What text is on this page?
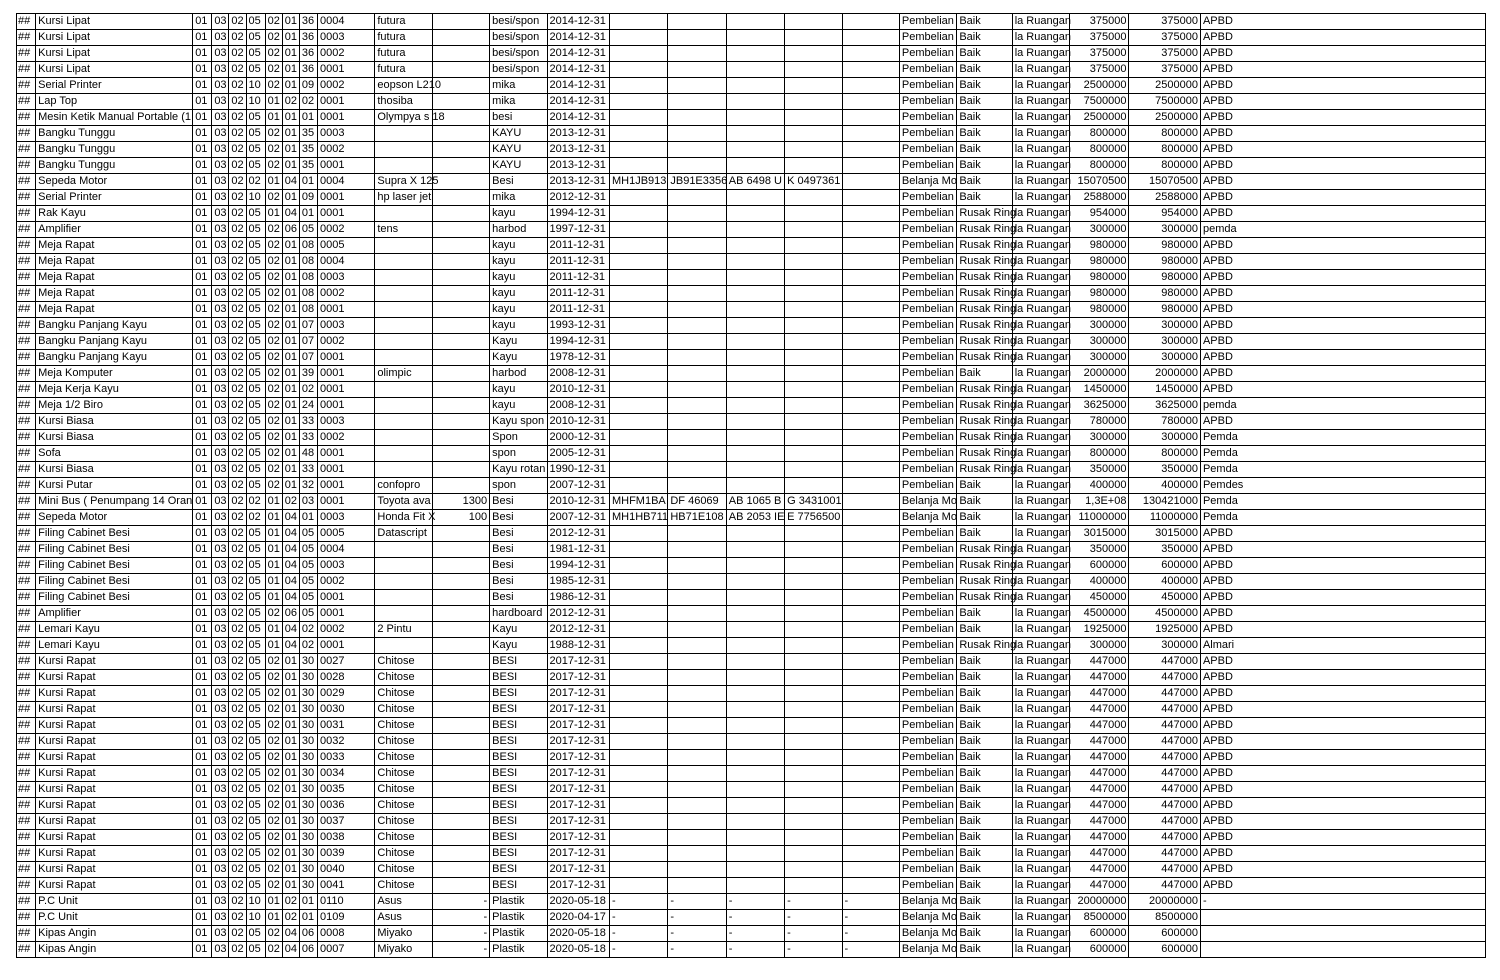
##	Kursi Lipat	01	03	02	05	02	01	36	0004	futura		besi/spon	2014-12-31						Pembelian	Baik	la Ruangan	375000	375000	APBD
##	Kursi Lipat	01	03	02	05	02	01	36	0003	futura		besi/spon	2014-12-31						Pembelian	Baik	la Ruangan	375000	375000	APBD
##	Kursi Lipat	01	03	02	05	02	01	36	0002	futura		besi/spon	2014-12-31						Pembelian	Baik	la Ruangan	375000	375000	APBD
##	Kursi Lipat	01	03	02	05	02	01	36	0001	futura		besi/spon	2014-12-31						Pembelian	Baik	la Ruangan	375000	375000	APBD
##	Serial Printer	01	03	02	10	02	01	09	0002	eopson L210		mika	2014-12-31						Pembelian	Baik	la Ruangan	2500000	2500000	APBD
##	Lap Top	01	03	02	10	01	02	02	0001	thosiba		mika	2014-12-31						Pembelian	Baik	la Ruangan	7500000	7500000	APBD
##	Mesin Ketik Manual Portable (1	01	03	02	05	01	01	01	0001	Olympya s 18		besi	2014-12-31						Pembelian	Baik	la Ruangan	2500000	2500000	APBD
##	Bangku Tunggu	01	03	02	05	02	01	35	0003			KAYU	2013-12-31						Pembelian	Baik	la Ruangan	800000	800000	APBD
##	Bangku Tunggu	01	03	02	05	02	01	35	0002			KAYU	2013-12-31						Pembelian	Baik	la Ruangan	800000	800000	APBD
##	Bangku Tunggu	01	03	02	05	02	01	35	0001			KAYU	2013-12-31						Pembelian	Baik	la Ruangan	800000	800000	APBD
##	Sepeda Motor	01	03	02	02	01	04	01	0004	Supra X 125		Besi	2013-12-31	MH1JB913	JB91E3356	AB 6498 U	K 0497361		Belanja Mo	Baik	la Ruangan	15070500	15070500	APBD
##	Serial Printer	01	03	02	10	02	01	09	0001	hp laser jet		mika	2012-12-31						Pembelian	Baik	la Ruangan	2588000	2588000	APBD
##	Rak Kayu	01	03	02	05	01	04	01	0001			kayu	1994-12-31						Pembelian	Rusak Ring	la Ruangan	954000	954000	APBD
##	Amplifier	01	03	02	05	02	06	05	0002	tens		harbod	1997-12-31						Pembelian	Rusak Ring	la Ruangan	300000	300000	pemda
##	Meja Rapat	01	03	02	05	02	01	08	0005			kayu	2011-12-31						Pembelian	Rusak Ring	la Ruangan	980000	980000	APBD
##	Meja Rapat	01	03	02	05	02	01	08	0004			kayu	2011-12-31						Pembelian	Rusak Ring	la Ruangan	980000	980000	APBD
##	Meja Rapat	01	03	02	05	02	01	08	0003			kayu	2011-12-31						Pembelian	Rusak Ring	la Ruangan	980000	980000	APBD
##	Meja Rapat	01	03	02	05	02	01	08	0002			kayu	2011-12-31						Pembelian	Rusak Ring	la Ruangan	980000	980000	APBD
##	Meja Rapat	01	03	02	05	02	01	08	0001			kayu	2011-12-31						Pembelian	Rusak Ring	la Ruangan	980000	980000	APBD
##	Bangku Panjang Kayu	01	03	02	05	02	01	07	0003			kayu	1993-12-31						Pembelian	Rusak Ring	la Ruangan	300000	300000	APBD
##	Bangku Panjang Kayu	01	03	02	05	02	01	07	0002			Kayu	1994-12-31						Pembelian	Rusak Ring	la Ruangan	300000	300000	APBD
##	Bangku Panjang Kayu	01	03	02	05	02	01	07	0001			Kayu	1978-12-31						Pembelian	Rusak Ring	la Ruangan	300000	300000	APBD
##	Meja Komputer	01	03	02	05	02	01	39	0001	olimpic		harbod	2008-12-31						Pembelian	Baik	la Ruangan	2000000	2000000	APBD
##	Meja Kerja Kayu	01	03	02	05	02	01	02	0001			kayu	2010-12-31						Pembelian	Rusak Ring	la Ruangan	1450000	1450000	APBD
##	Meja 1/2 Biro	01	03	02	05	02	01	24	0001			kayu	2008-12-31						Pembelian	Rusak Ring	la Ruangan	3625000	3625000	pemda
##	Kursi Biasa	01	03	02	05	02	01	33	0003			Kayu spon	2010-12-31						Pembelian	Rusak Ring	la Ruangan	780000	780000	APBD
##	Kursi Biasa	01	03	02	05	02	01	33	0002			Spon	2000-12-31						Pembelian	Rusak Ring	la Ruangan	300000	300000	Pemda
##	Sofa	01	03	02	05	02	01	48	0001			spon	2005-12-31						Pembelian	Rusak Ring	la Ruangan	800000	800000	Pemda
##	Kursi Biasa	01	03	02	05	02	01	33	0001			Kayu rotan	1990-12-31						Pembelian	Rusak Ring	la Ruangan	350000	350000	Pemda
##	Kursi Putar	01	03	02	05	02	01	32	0001	confopro		spon	2007-12-31						Pembelian	Baik	la Ruangan	400000	400000	Pemdes
##	Mini Bus ( Penumpang 14 Oran	01	03	02	02	01	02	03	0001	Toyota ava	1300	Besi	2010-12-31	MHFM1BA	DF 46069	AB 1065 B	G 3431001		Belanja Mo	Baik	la Ruangan	1,3E+08	130421000	Pemda
##	Sepeda Motor	01	03	02	02	01	04	01	0003	Honda Fit X	100	Besi	2007-12-31	MH1HB711	HB71E108	AB 2053 IE	E 7756500		Belanja Mo	Baik	la Ruangan	11000000	11000000	Pemda
##	Filing Cabinet Besi	01	03	02	05	01	04	05	0005	Datascript		Besi	2012-12-31						Pembelian	Baik	la Ruangan	3015000	3015000	APBD
##	Filing Cabinet Besi	01	03	02	05	01	04	05	0004			Besi	1981-12-31						Pembelian	Rusak Ring	la Ruangan	350000	350000	APBD
##	Filing Cabinet Besi	01	03	02	05	01	04	05	0003			Besi	1994-12-31						Pembelian	Rusak Ring	la Ruangan	600000	600000	APBD
##	Filing Cabinet Besi	01	03	02	05	01	04	05	0002			Besi	1985-12-31						Pembelian	Rusak Ring	la Ruangan	400000	400000	APBD
##	Filing Cabinet Besi	01	03	02	05	01	04	05	0001			Besi	1986-12-31						Pembelian	Rusak Ring	la Ruangan	450000	450000	APBD
##	Amplifier	01	03	02	05	02	06	05	0001			hardboard	2012-12-31						Pembelian	Baik	la Ruangan	4500000	4500000	APBD
##	Lemari Kayu	01	03	02	05	01	04	02	0002	2 Pintu		Kayu	2012-12-31						Pembelian	Baik	la Ruangan	1925000	1925000	APBD
##	Lemari Kayu	01	03	02	05	01	04	02	0001			Kayu	1988-12-31						Pembelian	Rusak Ring	la Ruangan	300000	300000	Almari
##	Kursi Rapat	01	03	02	05	02	01	30	0027	Chitose		BESI	2017-12-31						Pembelian	Baik	la Ruangan	447000	447000	APBD
##	Kursi Rapat	01	03	02	05	02	01	30	0028	Chitose		BESI	2017-12-31						Pembelian	Baik	la Ruangan	447000	447000	APBD
##	Kursi Rapat	01	03	02	05	02	01	30	0029	Chitose		BESI	2017-12-31						Pembelian	Baik	la Ruangan	447000	447000	APBD
##	Kursi Rapat	01	03	02	05	02	01	30	0030	Chitose		BESI	2017-12-31						Pembelian	Baik	la Ruangan	447000	447000	APBD
##	Kursi Rapat	01	03	02	05	02	01	30	0031	Chitose		BESI	2017-12-31						Pembelian	Baik	la Ruangan	447000	447000	APBD
##	Kursi Rapat	01	03	02	05	02	01	30	0032	Chitose		BESI	2017-12-31						Pembelian	Baik	la Ruangan	447000	447000	APBD
##	Kursi Rapat	01	03	02	05	02	01	30	0033	Chitose		BESI	2017-12-31						Pembelian	Baik	la Ruangan	447000	447000	APBD
##	Kursi Rapat	01	03	02	05	02	01	30	0034	Chitose		BESI	2017-12-31						Pembelian	Baik	la Ruangan	447000	447000	APBD
##	Kursi Rapat	01	03	02	05	02	01	30	0035	Chitose		BESI	2017-12-31						Pembelian	Baik	la Ruangan	447000	447000	APBD
##	Kursi Rapat	01	03	02	05	02	01	30	0036	Chitose		BESI	2017-12-31						Pembelian	Baik	la Ruangan	447000	447000	APBD
##	Kursi Rapat	01	03	02	05	02	01	30	0037	Chitose		BESI	2017-12-31						Pembelian	Baik	la Ruangan	447000	447000	APBD
##	Kursi Rapat	01	03	02	05	02	01	30	0038	Chitose		BESI	2017-12-31						Pembelian	Baik	la Ruangan	447000	447000	APBD
##	Kursi Rapat	01	03	02	05	02	01	30	0039	Chitose		BESI	2017-12-31						Pembelian	Baik	la Ruangan	447000	447000	APBD
##	Kursi Rapat	01	03	02	05	02	01	30	0040	Chitose		BESI	2017-12-31						Pembelian	Baik	la Ruangan	447000	447000	APBD
##	Kursi Rapat	01	03	02	05	02	01	30	0041	Chitose		BESI	2017-12-31						Pembelian	Baik	la Ruangan	447000	447000	APBD
##	P.C Unit	01	03	02	10	01	02	01	0110	Asus	-	Plastik	2020-05-18	-	-	-	-	-	Belanja Mo	Baik	la Ruangan	20000000	20000000	-
##	P.C Unit	01	03	02	10	01	02	01	0109	Asus	-	Plastik	2020-04-17	-	-	-	-	-	Belanja Mo	Baik	la Ruangan	8500000	8500000	
##	Kipas Angin	01	03	02	05	02	04	06	0008	Miyako	-	Plastik	2020-05-18	-	-	-	-	-	Belanja Mo	Baik	la Ruangan	600000	600000	
##	Kipas Angin	01	03	02	05	02	04	06	0007	Miyako	-	Plastik	2020-05-18	-	-	-	-	-	Belanja Mo	Baik	la Ruangan	600000	600000	
